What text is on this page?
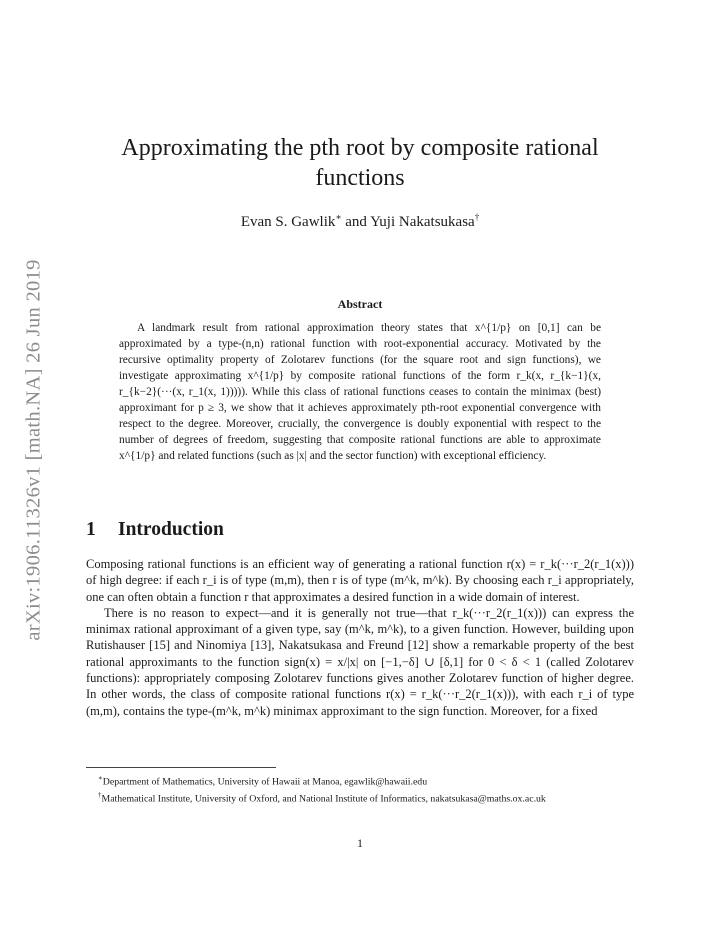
arXiv:1906.11326v1 [math.NA] 26 Jun 2019
Approximating the pth root by composite rational functions
Evan S. Gawlik∗ and Yuji Nakatsukasa†
Abstract

A landmark result from rational approximation theory states that x^{1/p} on [0,1] can be approximated by a type-(n,n) rational function with root-exponential accuracy. Motivated by the recursive optimality property of Zolotarev functions (for the square root and sign functions), we investigate approximating x^{1/p} by composite rational functions of the form r_k(x, r_{k−1}(x, r_{k−2}(···(x, r_1(x, 1))))). While this class of rational functions ceases to contain the minimax (best) approximant for p ≥ 3, we show that it achieves approximately pth-root exponential convergence with respect to the degree. Moreover, crucially, the convergence is doubly exponential with respect to the number of degrees of freedom, suggesting that composite rational functions are able to approximate x^{1/p} and related functions (such as |x| and the sector function) with exceptional efficiency.

1 Introduction

Composing rational functions is an efficient way of generating a rational function r(x) = r_k(···r_2(r_1(x))) of high degree: if each r_i is of type (m,m), then r is of type (m^k, m^k). By choosing each r_i appropriately, one can often obtain a function r that approximates a desired function in a wide domain of interest.

There is no reason to expect—and it is generally not true—that r_k(···r_2(r_1(x))) can express the minimax rational approximant of a given type, say (m^k, m^k), to a given function. However, building upon Rutishauser [15] and Ninomiya [13], Nakatsukasa and Freund [12] show a remarkable property of the best rational approximants to the function sign(x) = x/|x| on [−1,−δ] ∪ [δ,1] for 0 < δ < 1 (called Zolotarev functions): appropriately composing Zolotarev functions gives another Zolotarev function of higher degree. In other words, the class of composite rational functions r(x) = r_k(···r_2(r_1(x))), with each r_i of type (m,m), contains the type-(m^k, m^k) minimax approximant to the sign function. Moreover, for a fixed

∗Department of Mathematics, University of Hawaii at Manoa, egawlik@hawaii.edu

†Mathematical Institute, University of Oxford, and National Institute of Informatics, nakatsukasa@maths.ox.ac.uk

1
